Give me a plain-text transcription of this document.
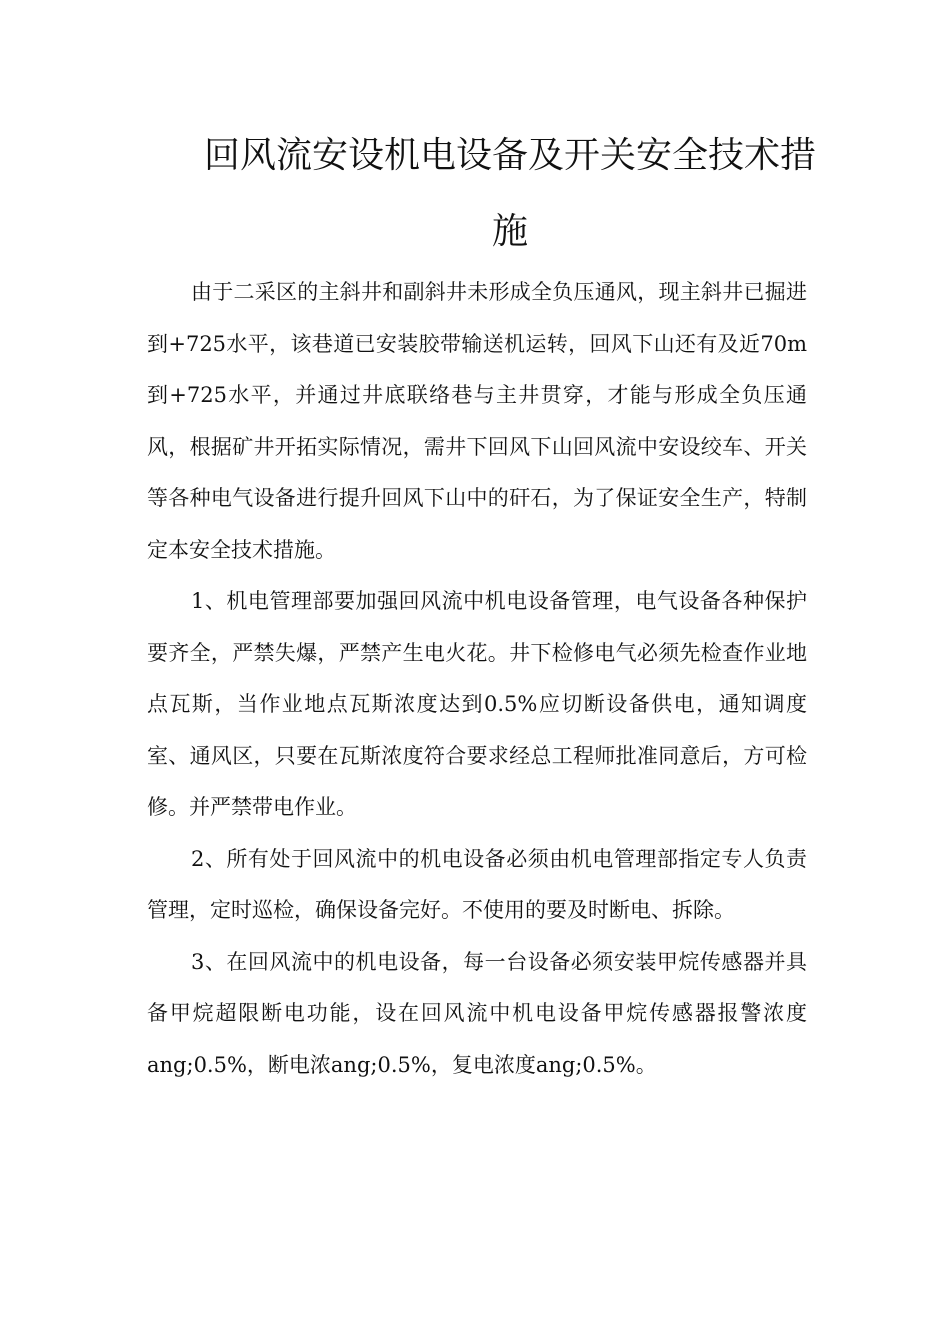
回风流安设机电设备及开关安全技术措施

由于二采区的主斜井和副斜井未形成全负压通风，现主斜井已掘进到+725水平，该巷道已安装胶带输送机运转，回风下山还有及近70m到+725水平，并通过井底联络巷与主井贯穿，才能与形成全负压通风，根据矿井开拓实际情况，需井下回风下山回风流中安设绞车、开关等各种电气设备进行提升回风下山中的矸石，为了保证安全生产，特制定本安全技术措施。

1、机电管理部要加强回风流中机电设备管理，电气设备各种保护要齐全，严禁失爆，严禁产生电火花。井下检修电气必须先检查作业地点瓦斯，当作业地点瓦斯浓度达到0.5%应切断设备供电，通知调度室、通风区，只要在瓦斯浓度符合要求经总工程师批准同意后，方可检修。并严禁带电作业。

2、所有处于回风流中的机电设备必须由机电管理部指定专人负责管理，定时巡检，确保设备完好。不使用的要及时断电、拆除。

3、在回风流中的机电设备，每一台设备必须安装甲烷传感器并具备甲烷超限断电功能，设在回风流中机电设备甲烷传感器报警浓度ang;0.5%，断电浓ang;0.5%，复电浓度ang;0.5%。
